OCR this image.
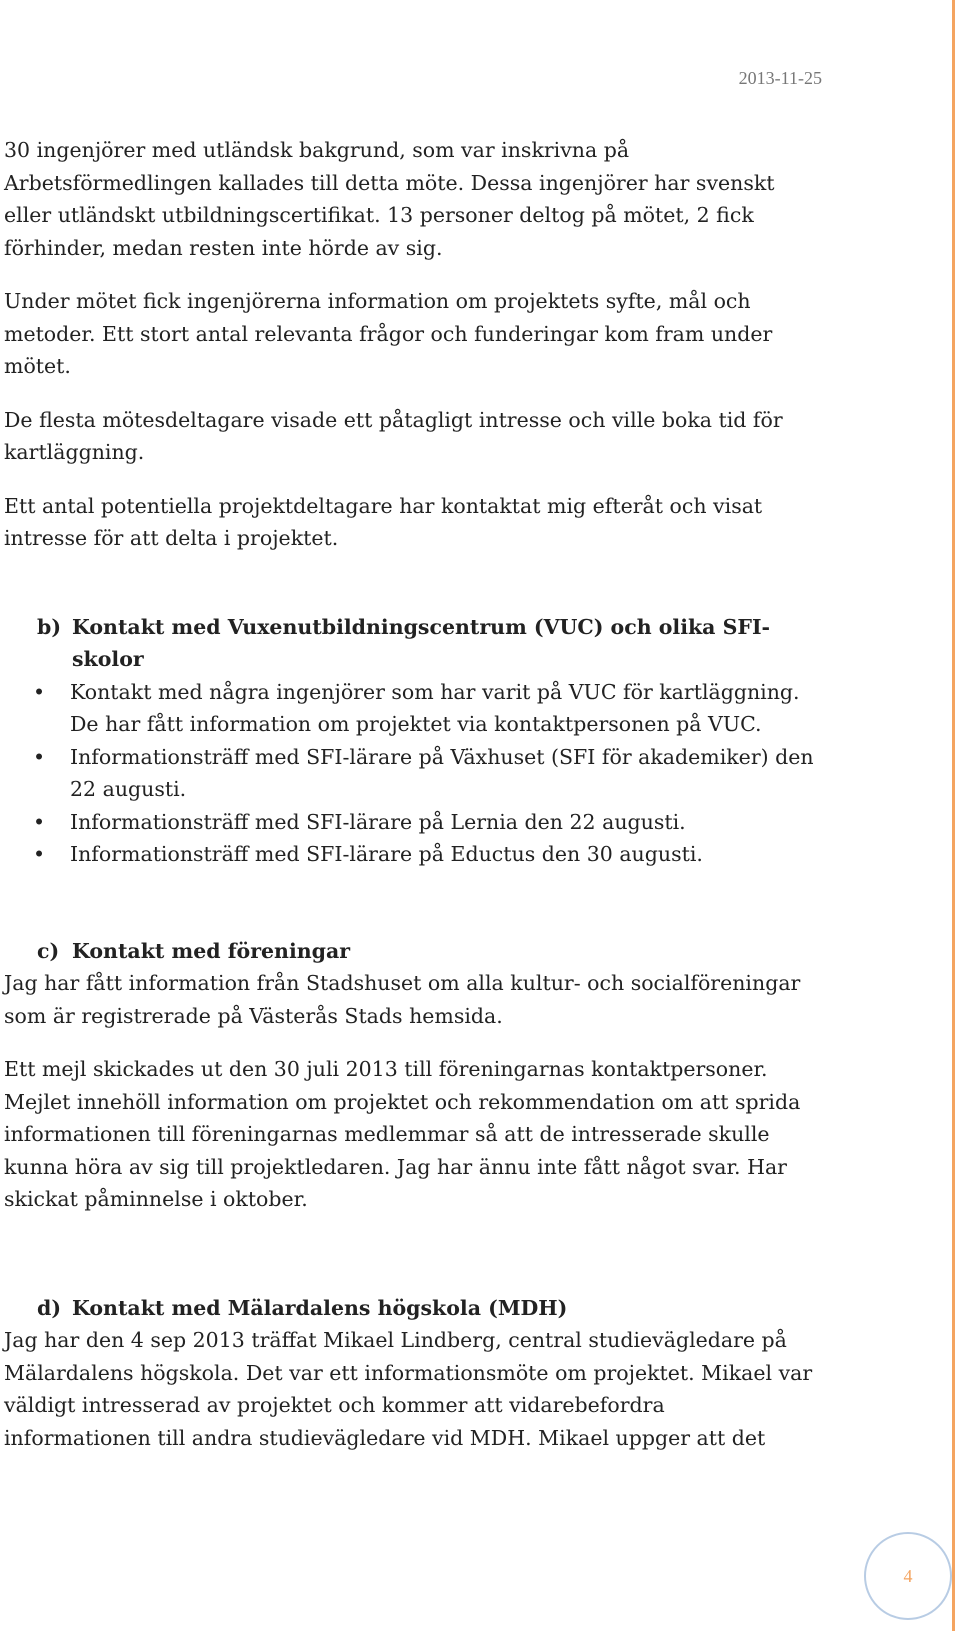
2013-11-25

30 ingenjörer med utländsk bakgrund, som var inskrivna på Arbetsförmedlingen kallades till detta möte. Dessa ingenjörer har svenskt eller utländskt utbildningscertifikat. 13 personer deltog på mötet, 2 fick förhinder, medan resten inte hörde av sig.

Under mötet fick ingenjörerna information om projektets syfte, mål och metoder. Ett stort antal relevanta frågor och funderingar kom fram under mötet.

De flesta mötesdeltagare visade ett påtagligt intresse och ville boka tid för kartläggning.

Ett antal potentiella projektdeltagare har kontaktat mig efteråt och visat intresse för att delta i projektet.

b) Kontakt med Vuxenutbildningscentrum (VUC) och olika SFI-skolor
• Kontakt med några ingenjörer som har varit på VUC för kartläggning. De har fått information om projektet via kontaktpersonen på VUC.
• Informationsträff med SFI-lärare på Växhuset (SFI för akademiker) den 22 augusti.
• Informationsträff med SFI-lärare på Lernia den 22 augusti.
• Informationsträff med SFI-lärare på Eductus den 30 augusti.
c) Kontakt med föreningar

Jag har fått information från Stadshuset om alla kultur- och socialföreningar som är registrerade på Västerås Stads hemsida.

Ett mejl skickades ut den 30 juli 2013 till föreningarnas kontaktpersoner. Mejlet innehöll information om projektet och rekommendation om att sprida informationen till föreningarnas medlemmar så att de intresserade skulle kunna höra av sig till projektledaren. Jag har ännu inte fått något svar. Har skickat påminnelse i oktober.

d) Kontakt med Mälardalens högskola (MDH)

Jag har den 4 sep 2013 träffat Mikael Lindberg, central studievägledare på Mälardalens högskola. Det var ett informationsmöte om projektet. Mikael var väldigt intresserad av projektet och kommer att vidarebefordra informationen till andra studievägledare vid MDH. Mikael uppger att det

4
